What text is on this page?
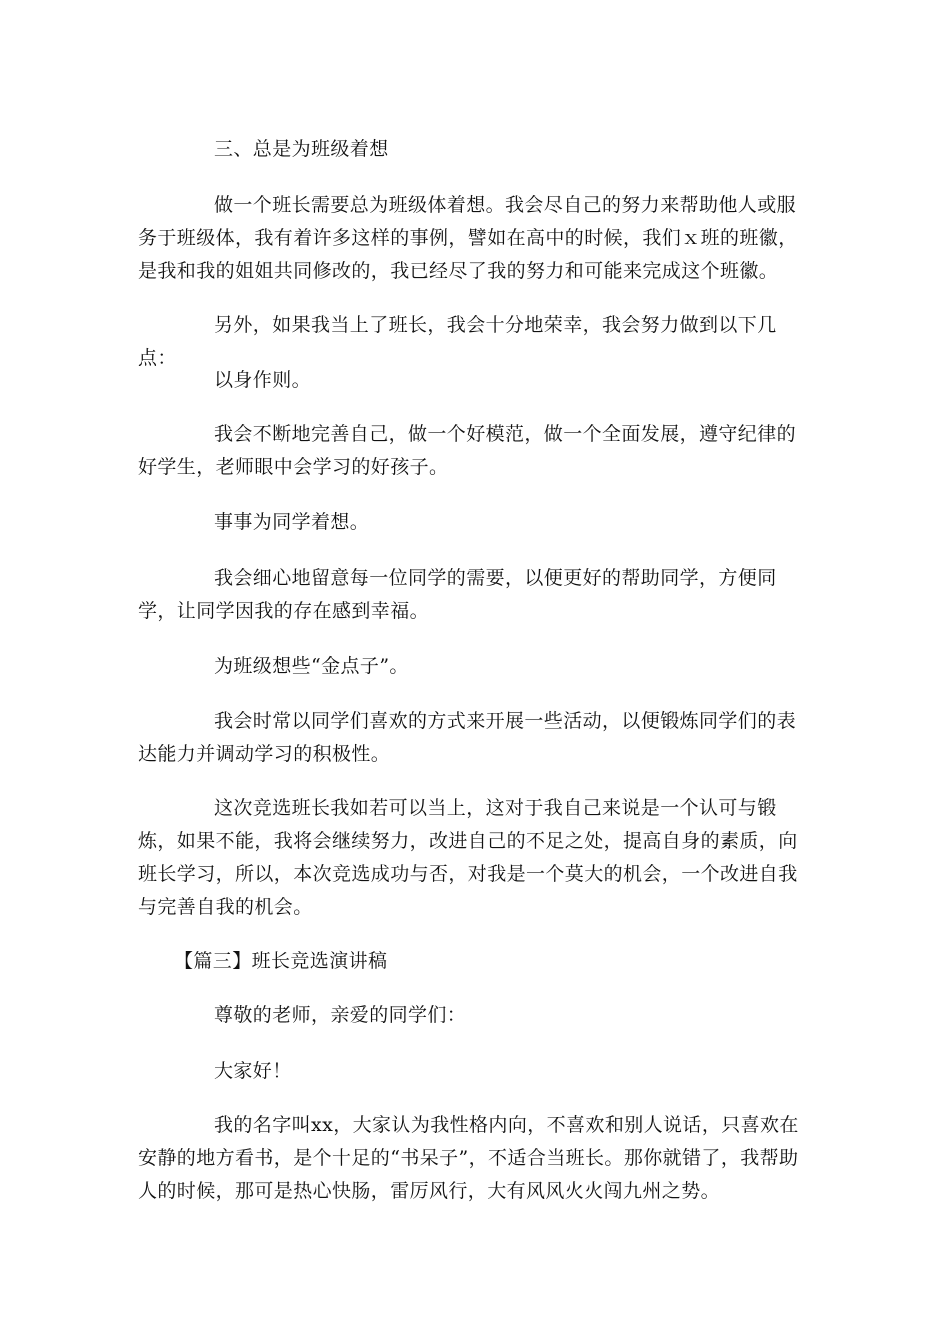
三、总是为班级着想

做一个班长需要总为班级体着想。我会尽自己的努力来帮助他人或服务于班级体，我有着许多这样的事例，譬如在高中的时候，我们ｘ班的班徽，是我和我的姐姐共同修改的，我已经尽了我的努力和可能来完成这个班徽。

另外，如果我当上了班长，我会十分地荣幸，我会努力做到以下几点：

以身作则。

我会不断地完善自己，做一个好模范，做一个全面发展，遵守纪律的好学生，老师眼中会学习的好孩子。

事事为同学着想。

我会细心地留意每一位同学的需要，以便更好的帮助同学，方便同学，让同学因我的存在感到幸福。

为班级想些“金点子”。

我会时常以同学们喜欢的方式来开展一些活动，以便锻炼同学们的表达能力并调动学习的积极性。

这次竞选班长我如若可以当上，这对于我自己来说是一个认可与锻炼，如果不能，我将会继续努力，改进自己的不足之处，提高自身的素质，向班长学习，所以，本次竞选成功与否，对我是一个莫大的机会，一个改进自我与完善自我的机会。

【篇三】班长竞选演讲稿

尊敬的老师，亲爱的同学们：

大家好！

我的名字叫xx，大家认为我性格内向，不喜欢和别人说话，只喜欢在安静的地方看书，是个十足的“书呆子”，不适合当班长。那你就错了，我帮助人的时候，那可是热心快肠，雷厉风行，大有风风火火闯九州之势。
